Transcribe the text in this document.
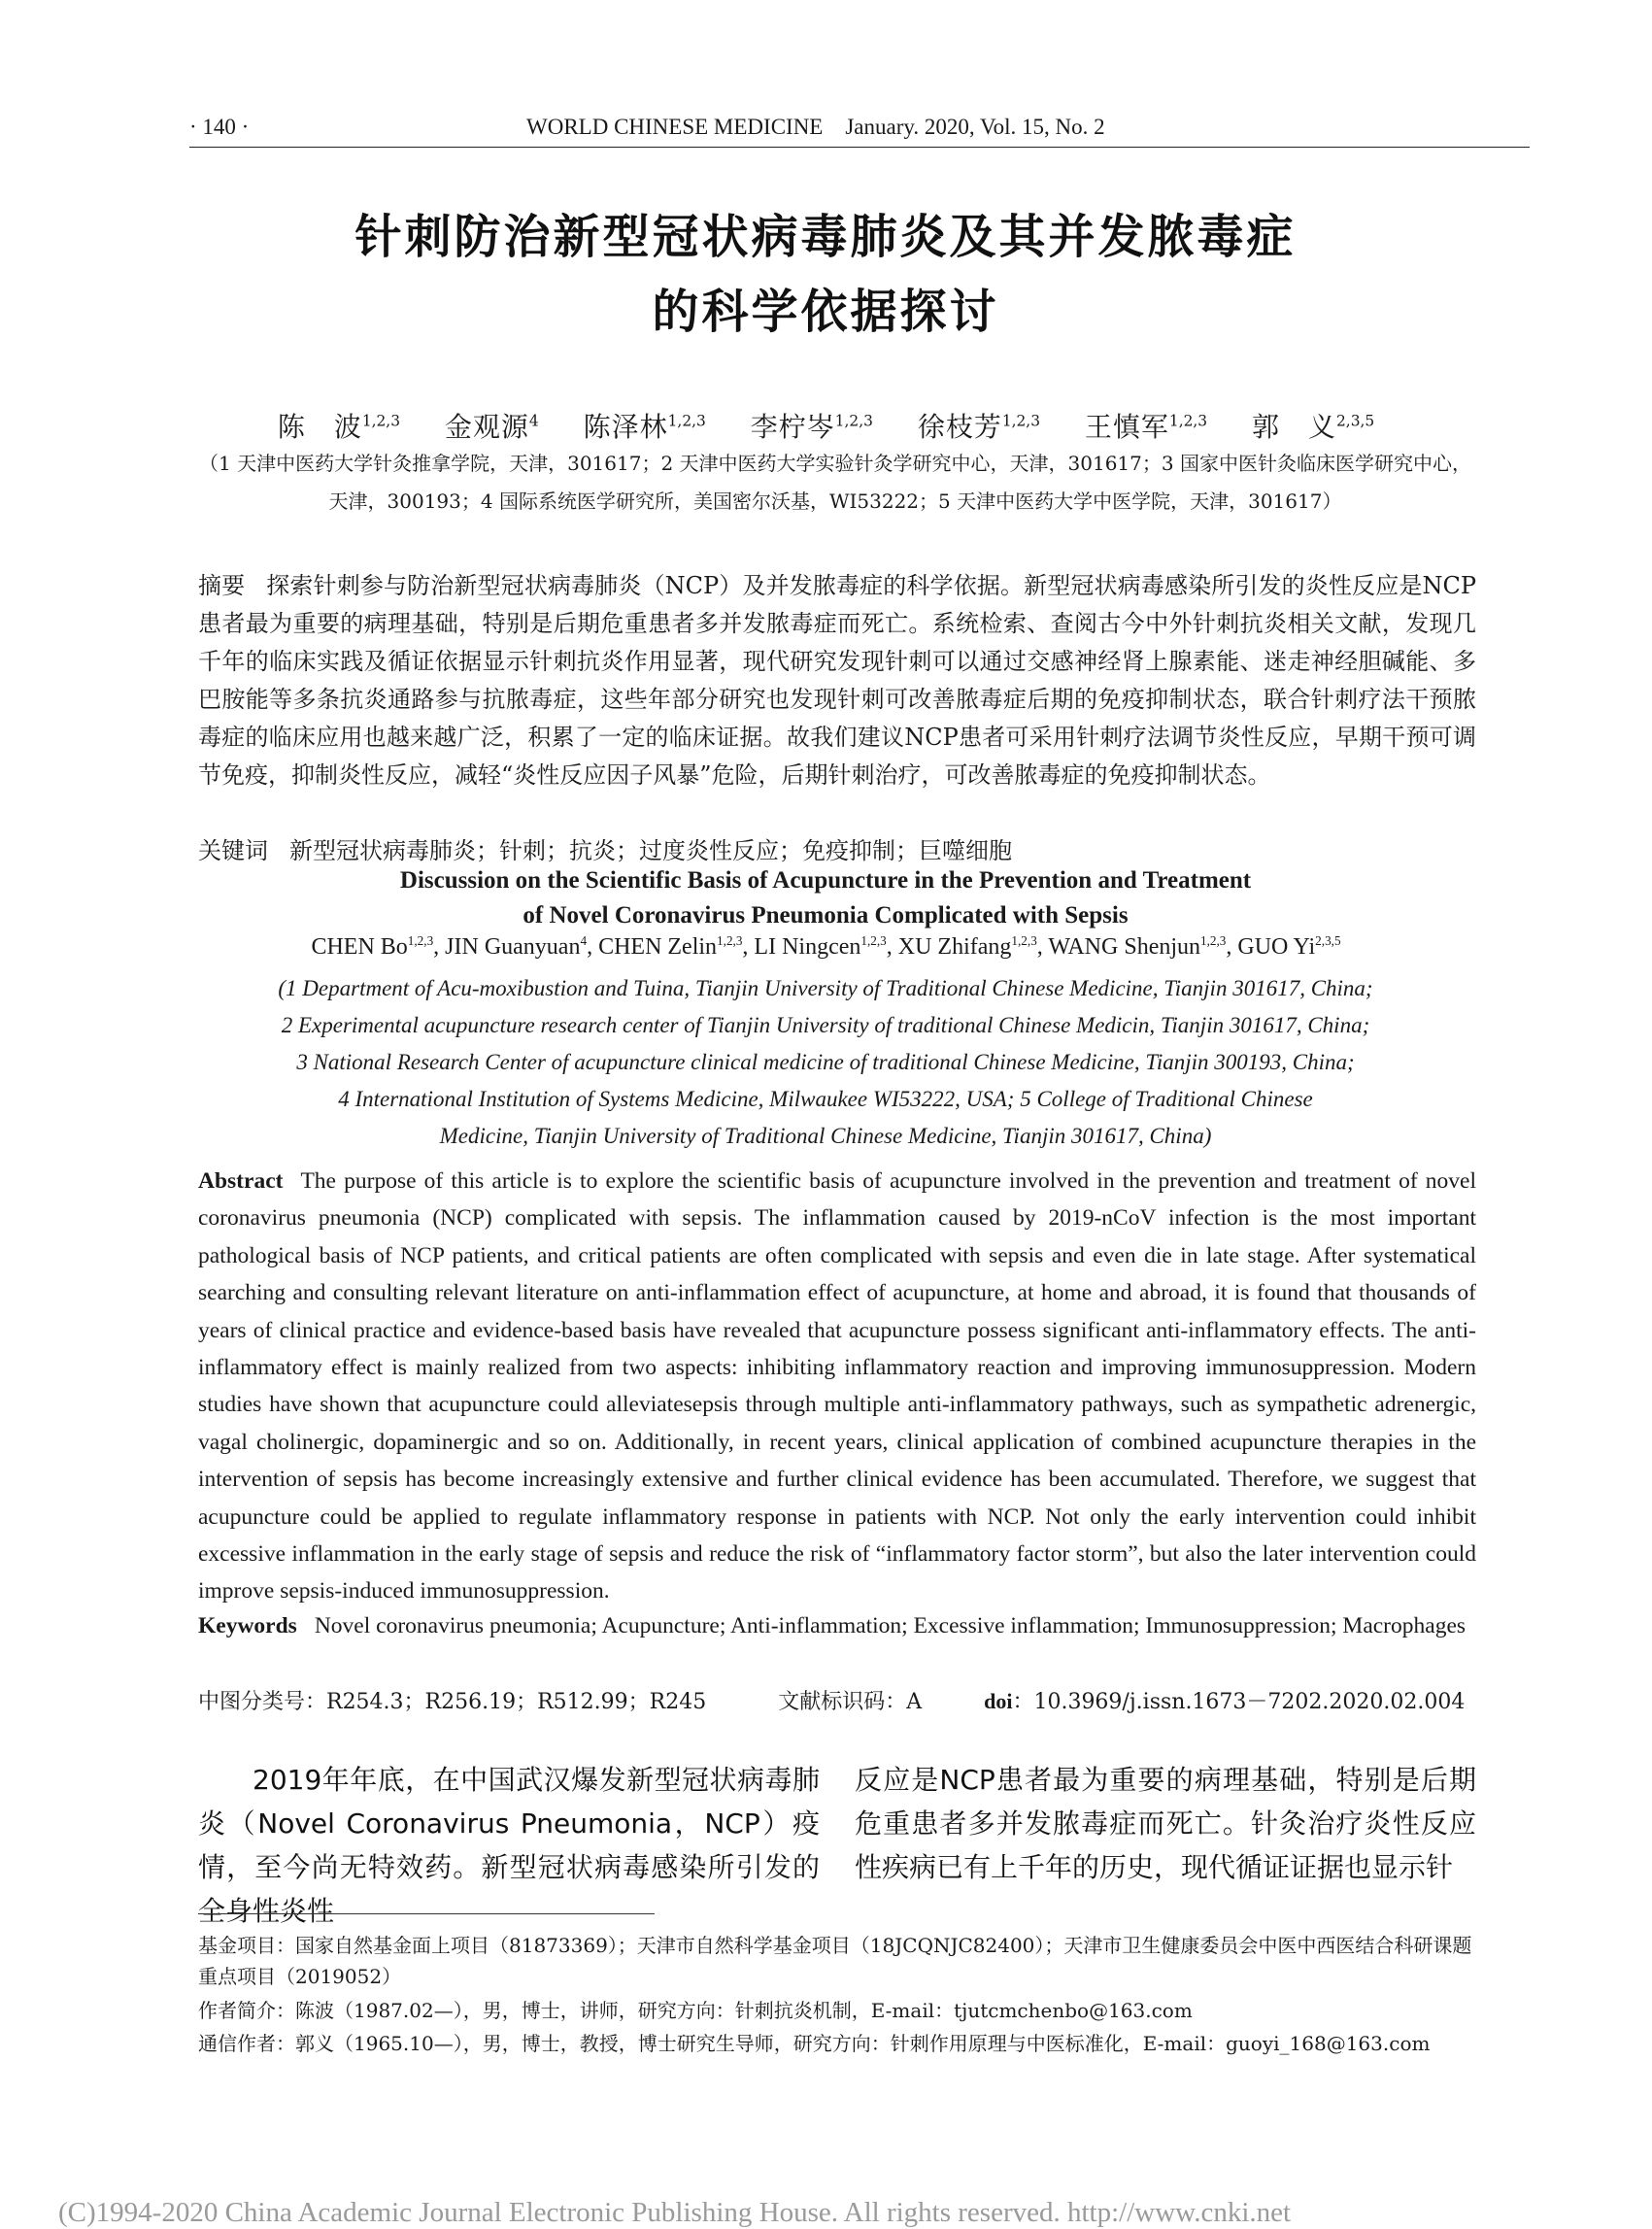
· 140 ·	WORLD CHINESE MEDICINE    January. 2020, Vol. 15, No. 2
针刺防治新型冠状病毒肺炎及其并发脓毒症
的科学依据探讨
陈　波$^{1,2,3}$ 金观源$^4$ 陈泽林$^{1,2,3}$ 李柠岑$^{1,2,3}$ 徐枝芳$^{1,2,3}$ 王慎军$^{1,2,3}$ 郭　义$^{2,3,5}$
（1 天津中医药大学针灸推拿学院，天津，301617；2 天津中医药大学实验针灸学研究中心，天津，301617；3 国家中医针灸临床医学研究中心，
天津，300193；4 国际系统医学研究所，美国密尔沃基，WI53222；5 天津中医药大学中医学院，天津，301617）
摘要 探索针刺参与防治新型冠状病毒肺炎（NCP）及并发脓毒症的科学依据。新型冠状病毒感染所引发的炎性反应是NCP患者最为重要的病理基础，特别是后期危重患者多并发脓毒症而死亡。系统检索、查阅古今中外针刺抗炎相关文献，发现几千年的临床实践及循证依据显示针刺抗炎作用显著，现代研究发现针刺可以通过交感神经肾上腺素能、迷走神经胆碱能、多巴胺能等多条抗炎通路参与抗脓毒症，这些年部分研究也发现针刺可改善脓毒症后期的免疫抑制状态，联合针刺疗法干预脓毒症的临床应用也越来越广泛，积累了一定的临床证据。故我们建议NCP患者可采用针刺疗法调节炎性反应，早期干预可调节免疫，抑制炎性反应，减轻“炎性反应因子风暴”危险，后期针刺治疗，可改善脓毒症的免疫抑制状态。
关键词 新型冠状病毒肺炎；针刺；抗炎；过度炎性反应；免疫抑制；巨噬细胞
Discussion on the Scientific Basis of Acupuncture in the Prevention and Treatment
of Novel Coronavirus Pneumonia Complicated with Sepsis
CHEN Bo$^{1,2,3}$, JIN Guanyuan$^4$, CHEN Zelin$^{1,2,3}$, LI Ningcen$^{1,2,3}$, XU Zhifang$^{1,2,3}$, WANG Shenjun$^{1,2,3}$, GUO Yi$^{2,3,5}$
(1 Department of Acu-moxibustion and Tuina, Tianjin University of Traditional Chinese Medicine, Tianjin 301617, China;
2 Experimental acupuncture research center of Tianjin University of traditional Chinese Medicin, Tianjin 301617, China;
3 National Research Center of acupuncture clinical medicine of traditional Chinese Medicine, Tianjin 300193, China;
4 International Institution of Systems Medicine, Milwaukee WI53222, USA; 5 College of Traditional Chinese
Medicine, Tianjin University of Traditional Chinese Medicine, Tianjin 301617, China)
Abstract The purpose of this article is to explore the scientific basis of acupuncture involved in the prevention and treatment of novel coronavirus pneumonia (NCP) complicated with sepsis. The inflammation caused by 2019-nCoV infection is the most important pathological basis of NCP patients, and critical patients are often complicated with sepsis and even die in late stage. After systematical searching and consulting relevant literature on anti-inflammation effect of acupuncture, at home and abroad, it is found that thousands of years of clinical practice and evidence-based basis have revealed that acupuncture possess significant anti-inflammatory effects. The anti-inflammatory effect is mainly realized from two aspects: inhibiting inflammatory reaction and improving immunosuppression. Modern studies have shown that acupuncture could alleviatesepsis through multiple anti-inflammatory pathways, such as sympathetic adrenergic, vagal cholinergic, dopaminergic and so on. Additionally, in recent years, clinical application of combined acupuncture therapies in the intervention of sepsis has become increasingly extensive and further clinical evidence has been accumulated. Therefore, we suggest that acupuncture could be applied to regulate inflammatory response in patients with NCP. Not only the early intervention could inhibit excessive inflammation in the early stage of sepsis and reduce the risk of “inflammatory factor storm”, but also the later intervention could improve sepsis-induced immunosuppression.
Keywords Novel coronavirus pneumonia; Acupuncture; Anti-inflammation; Excessive inflammation; Immunosuppression; Macrophages
中图分类号：R254.3；R256.19；R512.99；R245	文献标识码：A	doi：10.3969/j.issn.1673－7202.2020.02.004
2019年年底，在中国武汉爆发新型冠状病毒肺炎（Novel Coronavirus Pneumonia，NCP）疫情，至今尚无特效药。新型冠状病毒感染所引发的全身性炎性
反应是NCP患者最为重要的病理基础，特别是后期危重患者多并发脓毒症而死亡。针灸治疗炎性反应性疾病已有上千年的历史，现代循证证据也显示针
基金项目：国家自然基金面上项目（81873369）；天津市自然科学基金项目（18JCQNJC82400）；天津市卫生健康委员会中医中西医结合科研课题重点项目（2019052）
作者简介：陈波（1987.02—），男，博士，讲师，研究方向：针刺抗炎机制，E-mail：tjutcmchenbo@163.com
通信作者：郭义（1965.10—），男，博士，教授，博士研究生导师，研究方向：针刺作用原理与中医标准化，E-mail：guoyi_168@163.com
(C)1994-2020 China Academic Journal Electronic Publishing House. All rights reserved. http://www.cnki.net
